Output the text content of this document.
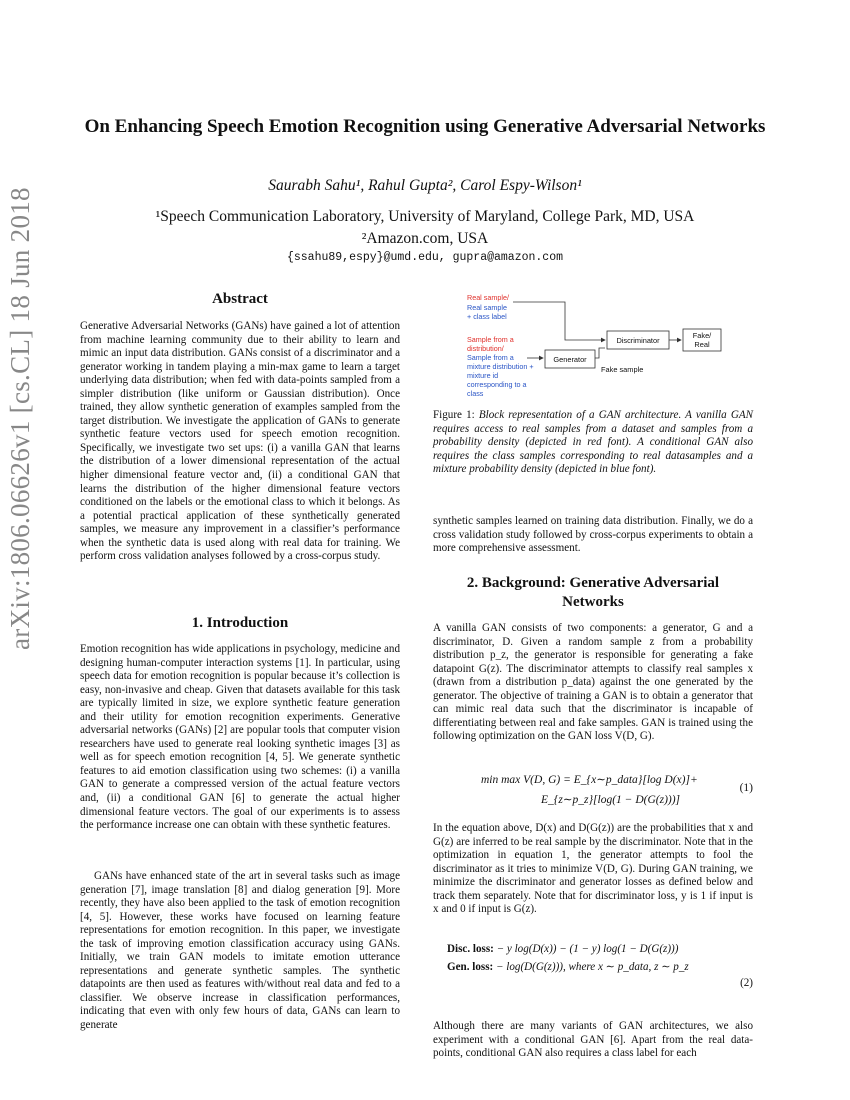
arXiv:1806.06626v1 [cs.CL] 18 Jun 2018
On Enhancing Speech Emotion Recognition using Generative Adversarial Networks
Saurabh Sahu¹, Rahul Gupta², Carol Espy-Wilson¹
¹Speech Communication Laboratory, University of Maryland, College Park, MD, USA
²Amazon.com, USA
{ssahu89,espy}@umd.edu, gupra@amazon.com
Abstract

Generative Adversarial Networks (GANs) have gained a lot of attention from machine learning community due to their ability to learn and mimic an input data distribution. GANs consist of a discriminator and a generator working in tandem playing a min-max game to learn a target underlying data distribution; when fed with data-points sampled from a simpler distribution (like uniform or Gaussian distribution). Once trained, they allow synthetic generation of examples sampled from the target distribution. We investigate the application of GANs to generate synthetic feature vectors used for speech emotion recognition. Specifically, we investigate two set ups: (i) a vanilla GAN that learns the distribution of a lower dimensional representation of the actual higher dimensional feature vector and, (ii) a conditional GAN that learns the distribution of the higher dimensional feature vectors conditioned on the labels or the emotional class to which it belongs. As a potential practical application of these synthetically generated samples, we measure any improvement in a classifier’s performance when the synthetic data is used along with real data for training. We perform cross validation analyses followed by a cross-corpus study.

1. Introduction

Emotion recognition has wide applications in psychology, medicine and designing human-computer interaction systems [1]. In particular, using speech data for emotion recognition is popular because it’s collection is easy, non-invasive and cheap. Given that datasets available for this task are typically limited in size, we explore synthetic feature generation and their utility for emotion recognition experiments. Generative adversarial networks (GANs) [2] are popular tools that computer vision researchers have used to generate real looking synthetic images [3] as well as for speech emotion recognition [4, 5]. We generate synthetic features to aid emotion classification using two schemes: (i) a vanilla GAN to generate a compressed version of the actual feature vectors and, (ii) a conditional GAN [6] to generate the actual higher dimensional feature vectors. The goal of our experiments is to assess the performance increase one can obtain with these synthetic features.

GANs have enhanced state of the art in several tasks such as image generation [7], image translation [8] and dialog generation [9]. More recently, they have also been applied to the task of emotion recognition [4, 5]. However, these works have focused on learning feature representations for emotion recognition. In this paper, we investigate the task of improving emotion classification accuracy using GANs. Initially, we train GAN models to imitate emotion utterance representations and generate synthetic samples. The synthetic datapoints are then used as features with/without real data and fed to a classifier. We observe increase in classification performances, indicating that even with only few hours of data, GANs can learn to generate

Real sample/
Real sample
+ class label
Sample from a
distribution/
Sample from a
mixture distribution +
mixture id
corresponding to a
class
Generator
Discriminator
Fake/
Real
Fake sample

Figure 1: Block representation of a GAN architecture. A vanilla GAN requires access to real samples from a dataset and samples from a probability density (depicted in red font). A conditional GAN also requires the class samples corresponding to real datasamples and a mixture probability density (depicted in blue font).

synthetic samples learned on training data distribution. Finally, we do a cross validation study followed by cross-corpus experiments to obtain a more comprehensive assessment.

2. Background: Generative Adversarial
Networks

A vanilla GAN consists of two components: a generator, G and a discriminator, D. Given a random sample z from a probability distribution p_z, the generator is responsible for generating a fake datapoint G(z). The discriminator attempts to classify real samples x (drawn from a distribution p_data) against the one generated by the generator. The objective of training a GAN is to obtain a generator that can mimic real data such that the discriminator is incapable of differentiating between real and fake samples. GAN is trained using the following optimization on the GAN loss V(D, G).

min max V(D, G) = E_{x∼p_data}[log D(x)]+
E_{z∼p_z}[log(1 − D(G(z)))]
(1)

In the equation above, D(x) and D(G(z)) are the probabilities that x and G(z) are inferred to be real sample by the discriminator. Note that in the optimization in equation 1, the generator attempts to fool the discriminator as it tries to minimize V(D, G). During GAN training, we minimize the discriminator and generator losses as defined below and track them separately. Note that for discriminator loss, y is 1 if input is x and 0 if input is G(z).

Disc. loss: − y log(D(x)) − (1 − y) log(1 − D(G(z)))
Gen. loss: − log(D(G(z))), where x ∼ p_data, z ∼ p_z
(2)

Although there are many variants of GAN architectures, we also experiment with a conditional GAN [6]. Apart from the real data-points, conditional GAN also requires a class label for each
